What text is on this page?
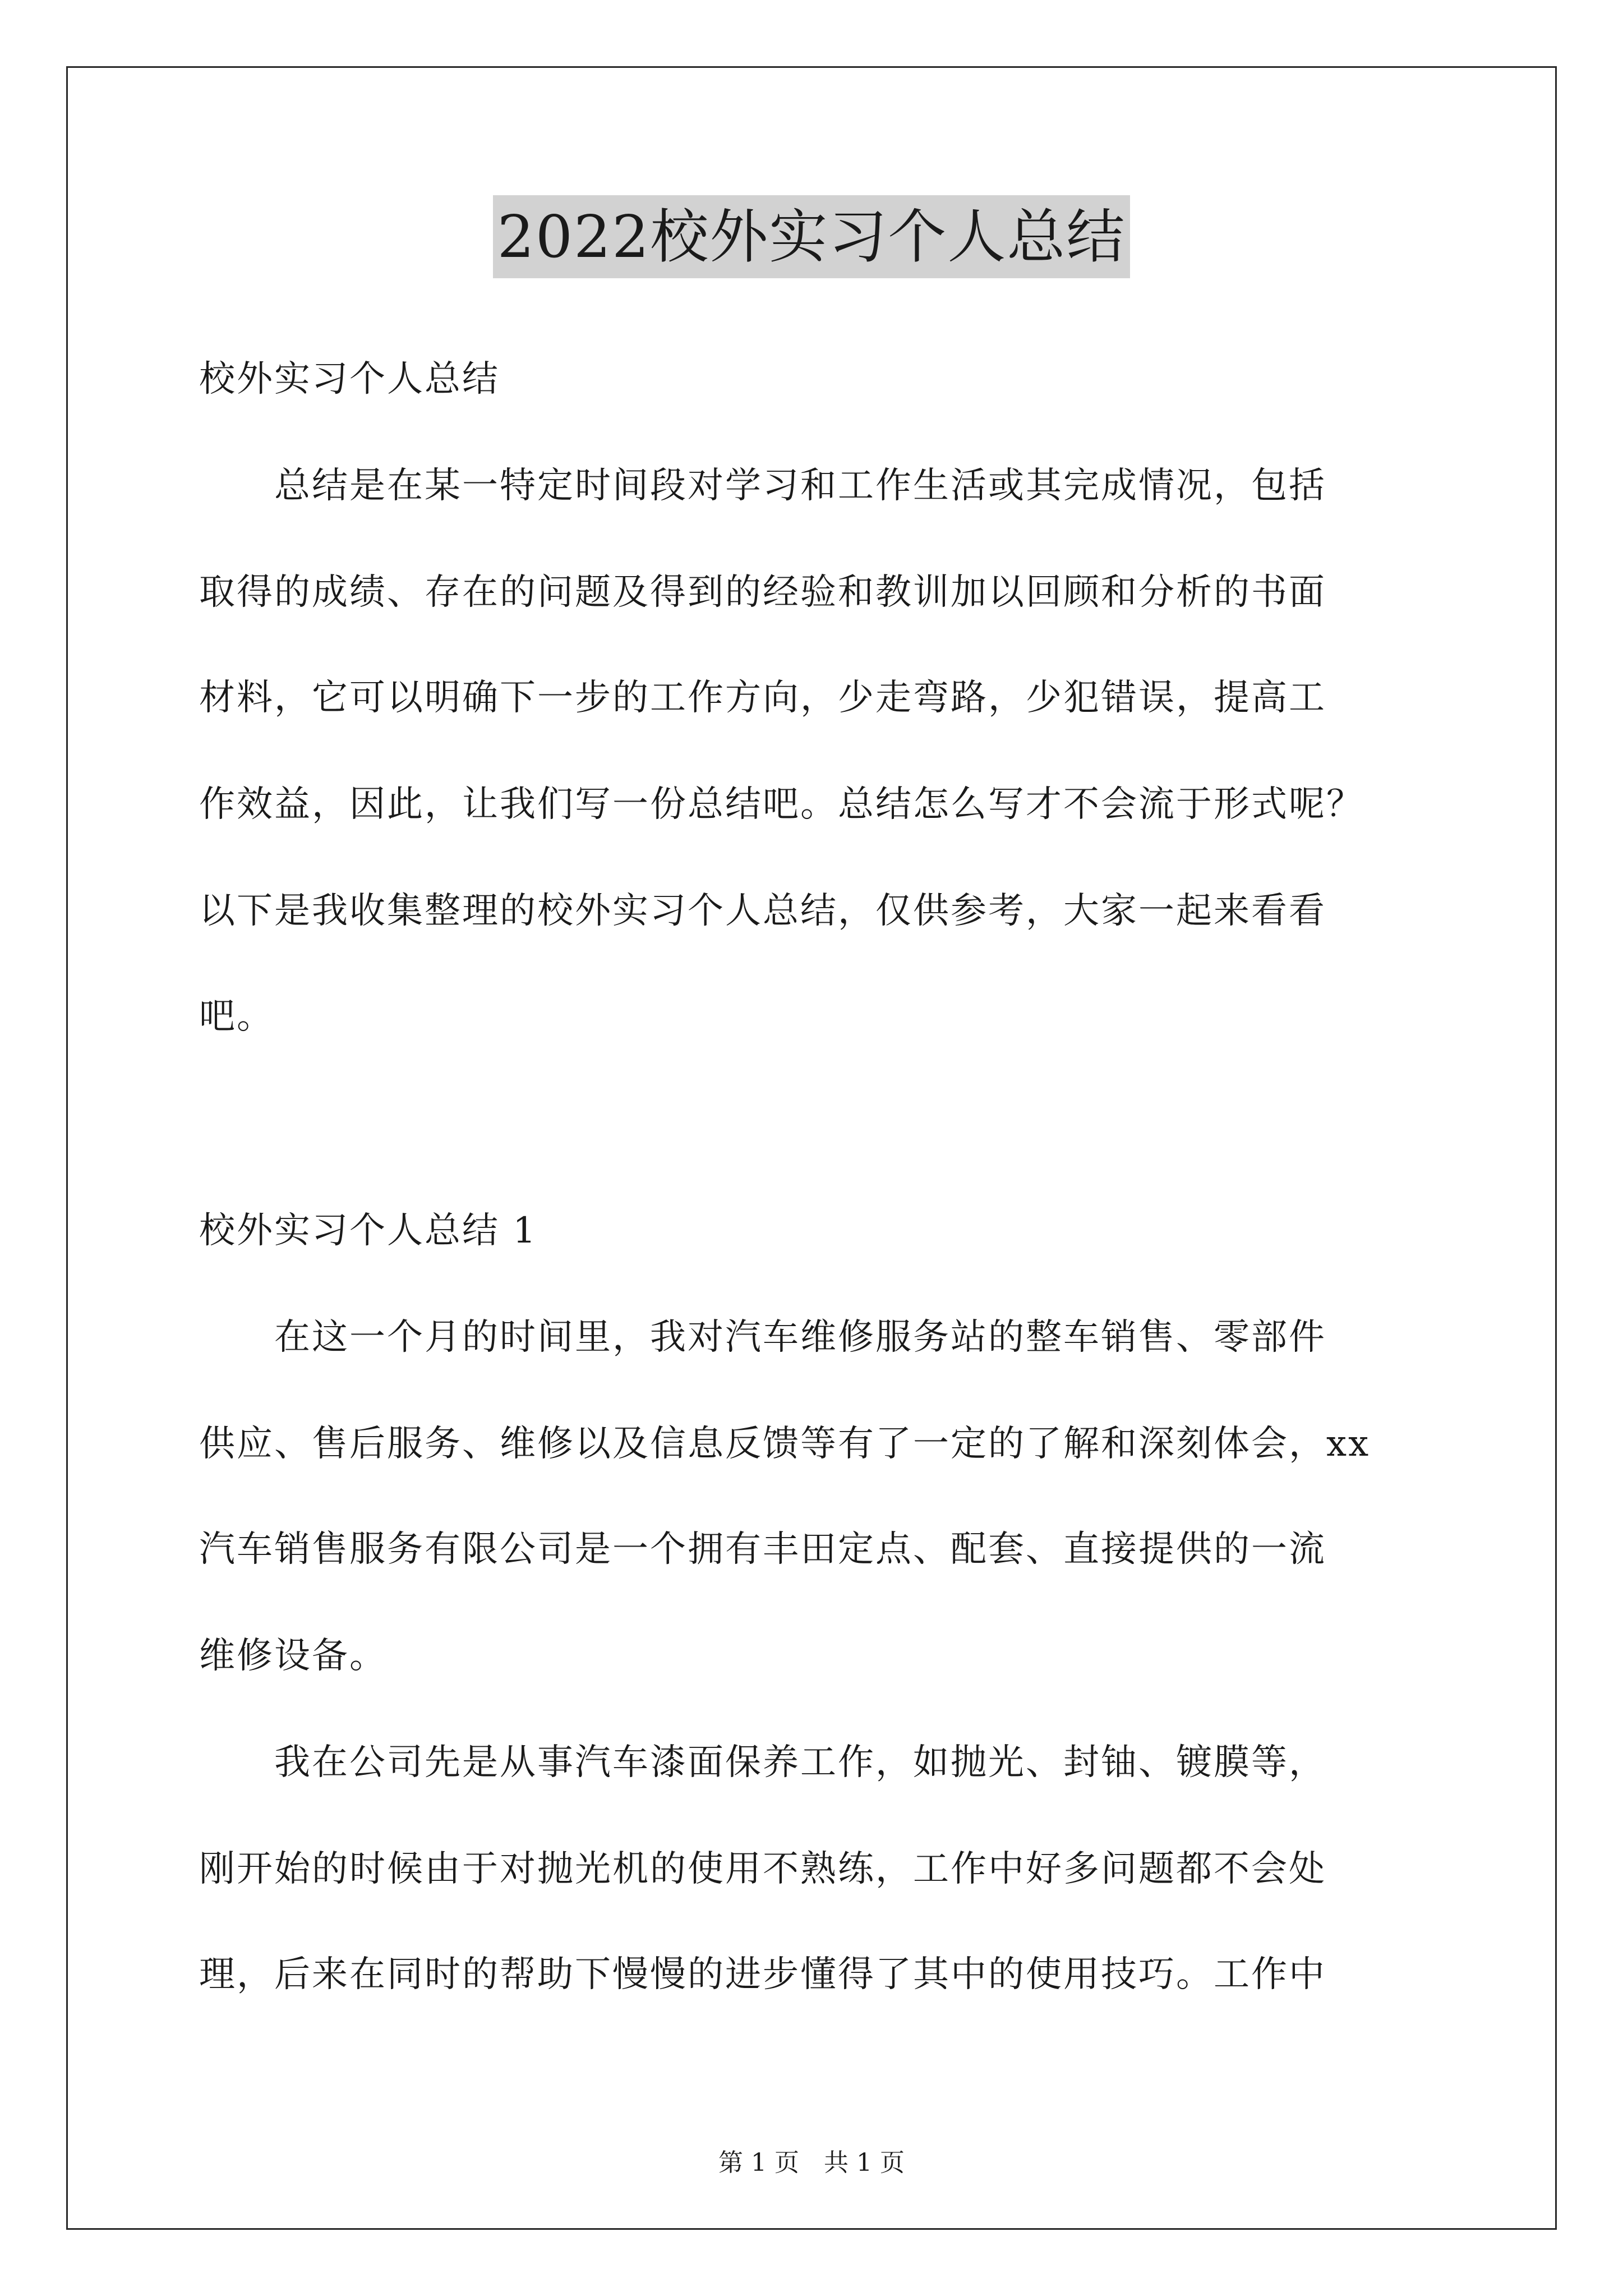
2022校外实习个人总结
校外实习个人总结
　　总结是在某一特定时间段对学习和工作生活或其完成情况，包括
取得的成绩、存在的问题及得到的经验和教训加以回顾和分析的书面
材料，它可以明确下一步的工作方向，少走弯路，少犯错误，提高工
作效益，因此，让我们写一份总结吧。总结怎么写才不会流于形式呢？
以下是我收集整理的校外实习个人总结，仅供参考，大家一起来看看
吧。
校外实习个人总结 1
　　在这一个月的时间里，我对汽车维修服务站的整车销售、零部件
供应、售后服务、维修以及信息反馈等有了一定的了解和深刻体会，xx
汽车销售服务有限公司是一个拥有丰田定点、配套、直接提供的一流
维修设备。
　　我在公司先是从事汽车漆面保养工作，如抛光、封铀、镀膜等，
刚开始的时候由于对抛光机的使用不熟练，工作中好多问题都不会处
理，后来在同时的帮助下慢慢的进步懂得了其中的使用技巧。工作中
第 1 页　共 1 页
